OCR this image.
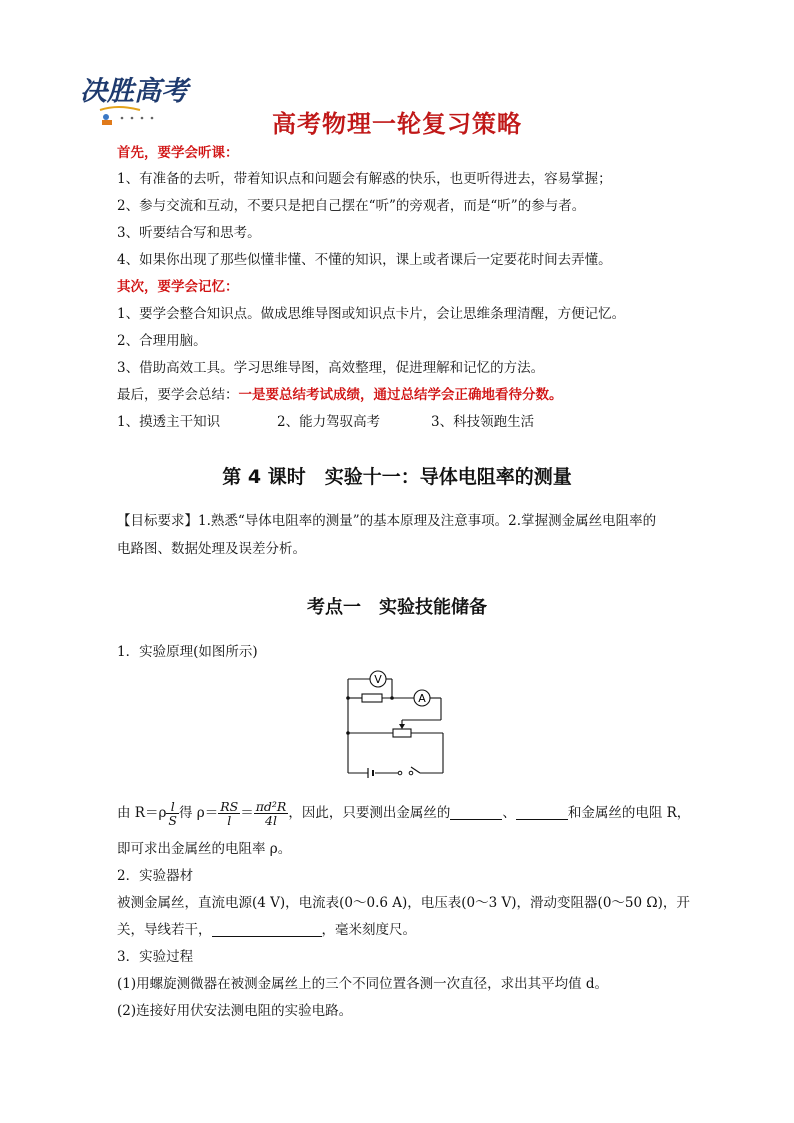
决胜高考
高考物理一轮复习策略
首先，要学会听课：
1、有准备的去听，带着知识点和问题会有解惑的快乐，也更听得进去，容易掌握；
2、参与交流和互动，不要只是把自己摆在“听”的旁观者，而是“听”的参与者。
3、听要结合写和思考。
4、如果你出现了那些似懂非懂、不懂的知识，课上或者课后一定要花时间去弄懂。
其次，要学会记忆：
1、要学会整合知识点。做成思维导图或知识点卡片，会让思维条理清醒，方便记忆。
2、合理用脑。
3、借助高效工具。学习思维导图，高效整理，促进理解和记忆的方法。
最后，要学会总结：一是要总结考试成绩，通过总结学会正确地看待分数。
1、摸透主干知识	2、能力驾驭高考	3、科技领跑生活
第 4 课时　实验十一：导体电阻率的测量
【目标要求】1.熟悉“导体电阻率的测量”的基本原理及注意事项。2.掌握测金属丝电阻率的
电路图、数据处理及误差分析。
考点一　实验技能储备
1．实验原理(如图所示)
V
A
由 $R=\rho \frac{l}{S}$ 得 $\rho= \frac{RS}{l} = \frac{\text{πd²R}}{4l}$ ，因此，只要测出金属丝的	、	和金属丝的电阻 R，
即可求出金属丝的电阻率 ρ。
2．实验器材
被测金属丝，直流电源(4 V)，电流表(0～0.6 A)，电压表(0～3 V)，滑动变阻器(0～50 Ω)，开
关，导线若干，	，毫米刻度尺。
3．实验过程
(1)用螺旋测微器在被测金属丝上的三个不同位置各测一次直径，求出其平均值 d。
(2)连接好用伏安法测电阻的实验电路。
